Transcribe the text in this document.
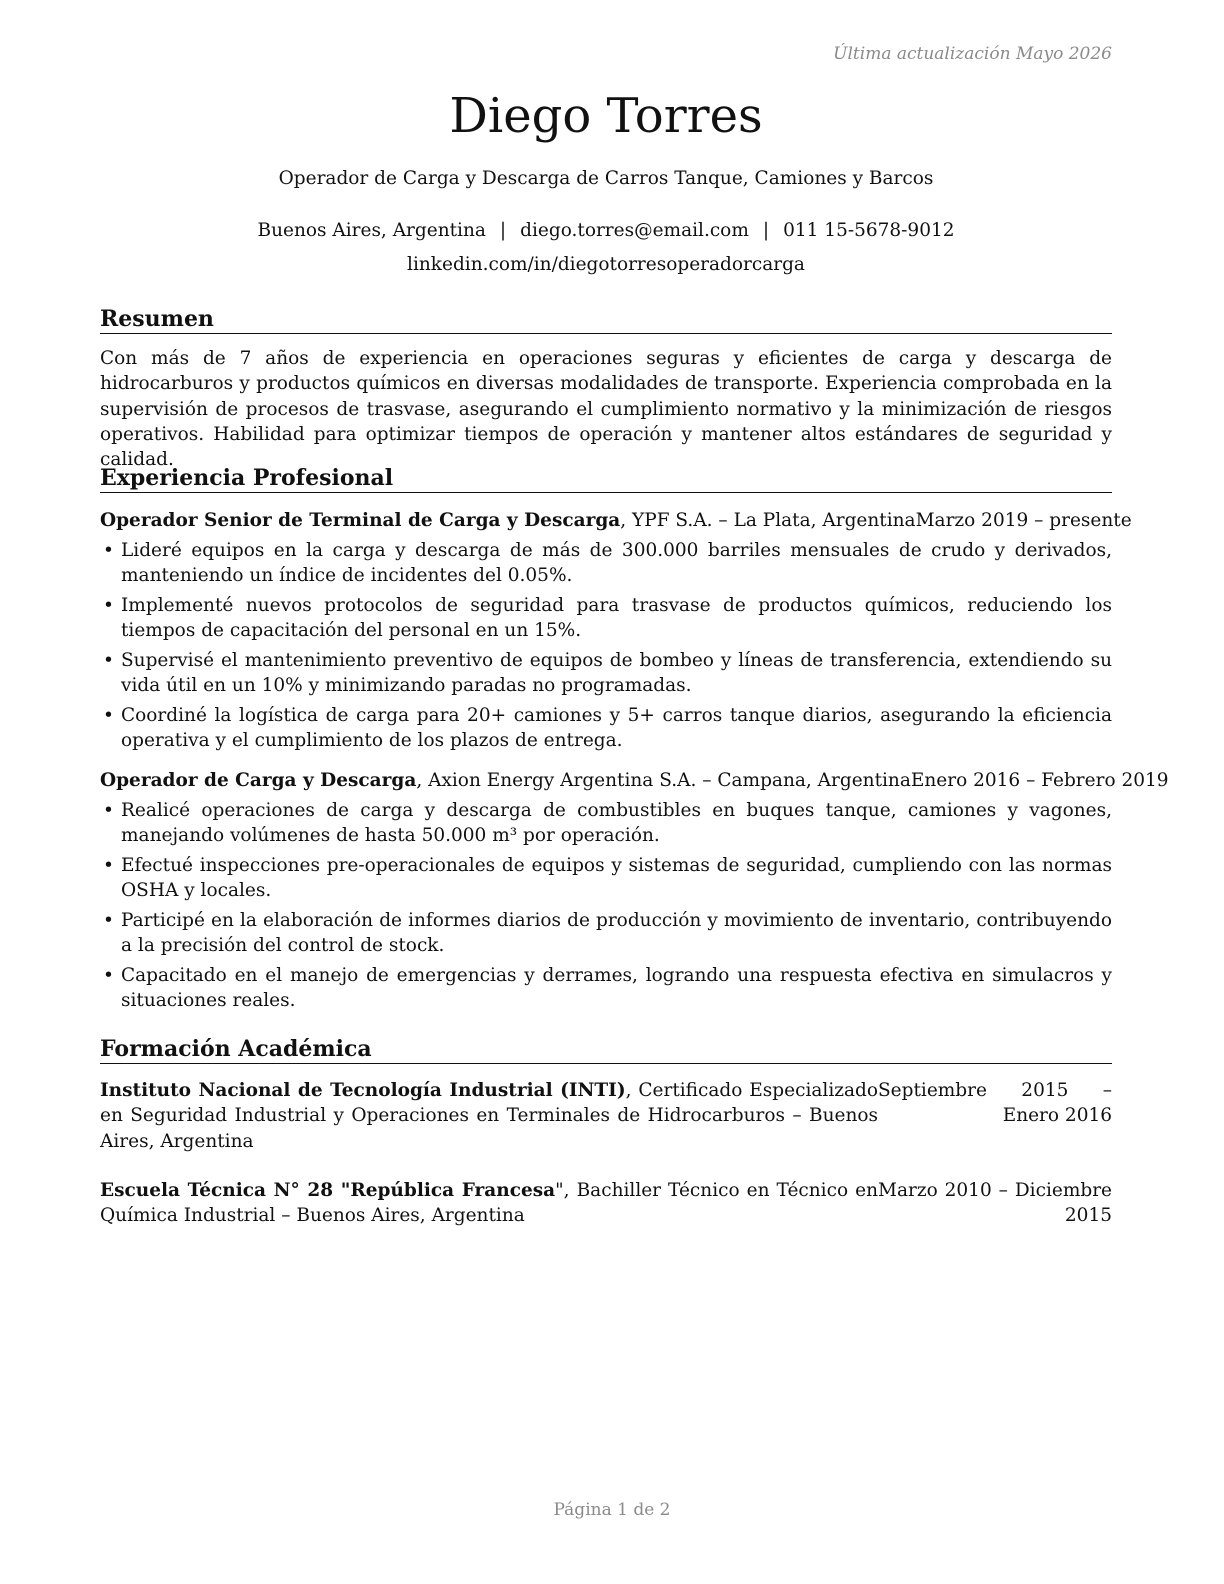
Última actualización Mayo 2026
Diego Torres
Operador de Carga y Descarga de Carros Tanque, Camiones y Barcos
Buenos Aires, Argentina | diego.torres@email.com | 011 15-5678-9012
linkedin.com/in/diegotorresoperadorcarga
Resumen
Con más de 7 años de experiencia en operaciones seguras y eficientes de carga y descarga de hidrocarburos y productos químicos en diversas modalidades de transporte. Experiencia comprobada en la supervisión de procesos de trasvase, asegurando el cumplimiento normativo y la minimización de riesgos operativos. Habilidad para optimizar tiempos de operación y mantener altos estándares de seguridad y calidad.
Experiencia Profesional
Operador Senior de Terminal de Carga y Descarga, YPF S.A. – La Plata, Argentina Marzo 2019 – presente
• Lideré equipos en la carga y descarga de más de 300.000 barriles mensuales de crudo y derivados, manteniendo un índice de incidentes del 0.05%.
• Implementé nuevos protocolos de seguridad para trasvase de productos químicos, reduciendo los tiempos de capacitación del personal en un 15%.
• Supervisé el mantenimiento preventivo de equipos de bombeo y líneas de transferencia, extendiendo su vida útil en un 10% y minimizando paradas no programadas.
• Coordiné la logística de carga para 20+ camiones y 5+ carros tanque diarios, asegurando la eficiencia operativa y el cumplimiento de los plazos de entrega.
Operador de Carga y Descarga, Axion Energy Argentina S.A. – Campana, Argentina Enero 2016 – Febrero 2019
• Realicé operaciones de carga y descarga de combustibles en buques tanque, camiones y vagones, manejando volúmenes de hasta 50.000 m³ por operación.
• Efectué inspecciones pre-operacionales de equipos y sistemas de seguridad, cumpliendo con las normas OSHA y locales.
• Participé en la elaboración de informes diarios de producción y movimiento de inventario, contribuyendo a la precisión del control de stock.
• Capacitado en el manejo de emergencias y derrames, logrando una respuesta efectiva en simulacros y situaciones reales.
Formación Académica
Instituto Nacional de Tecnología Industrial (INTI), Certificado Especializado en Seguridad Industrial y Operaciones en Terminales de Hidrocarburos – Buenos Aires, Argentina
Septiembre 2015 – Enero 2016
Escuela Técnica N° 28 "República Francesa", Bachiller Técnico en Técnico en Química Industrial – Buenos Aires, Argentina
Marzo 2010 – Diciembre 2015
Página 1 de 2
